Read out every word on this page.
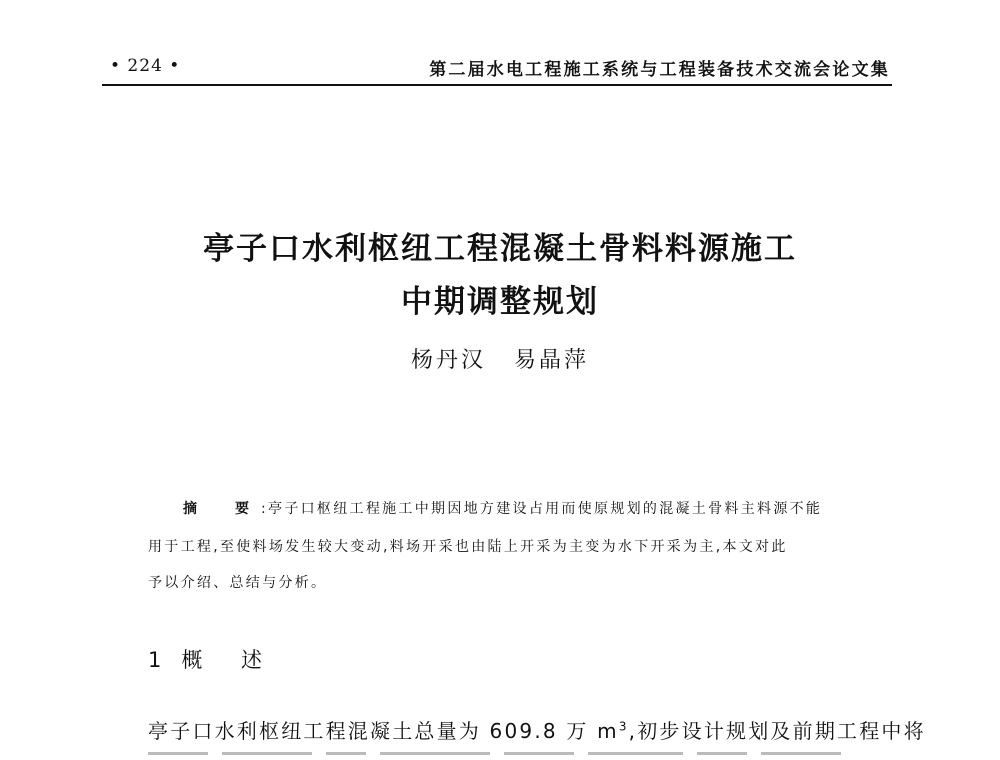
• 224 •	第二届水电工程施工系统与工程装备技术交流会论文集
亭子口水利枢纽工程混凝土骨料料源施工
中期调整规划
杨丹汉 易晶萍
摘　要:亭子口枢纽工程施工中期因地方建设占用而使原规划的混凝土骨料主料源不能
用于工程,至使料场发生较大变动,料场开采也由陆上开采为主变为水下开采为主,本文对此
予以介绍、总结与分析。
1 概 述
亭子口水利枢纽工程混凝土总量为 609.8 万 $m^3$,初步设计规划及前期工程中将
